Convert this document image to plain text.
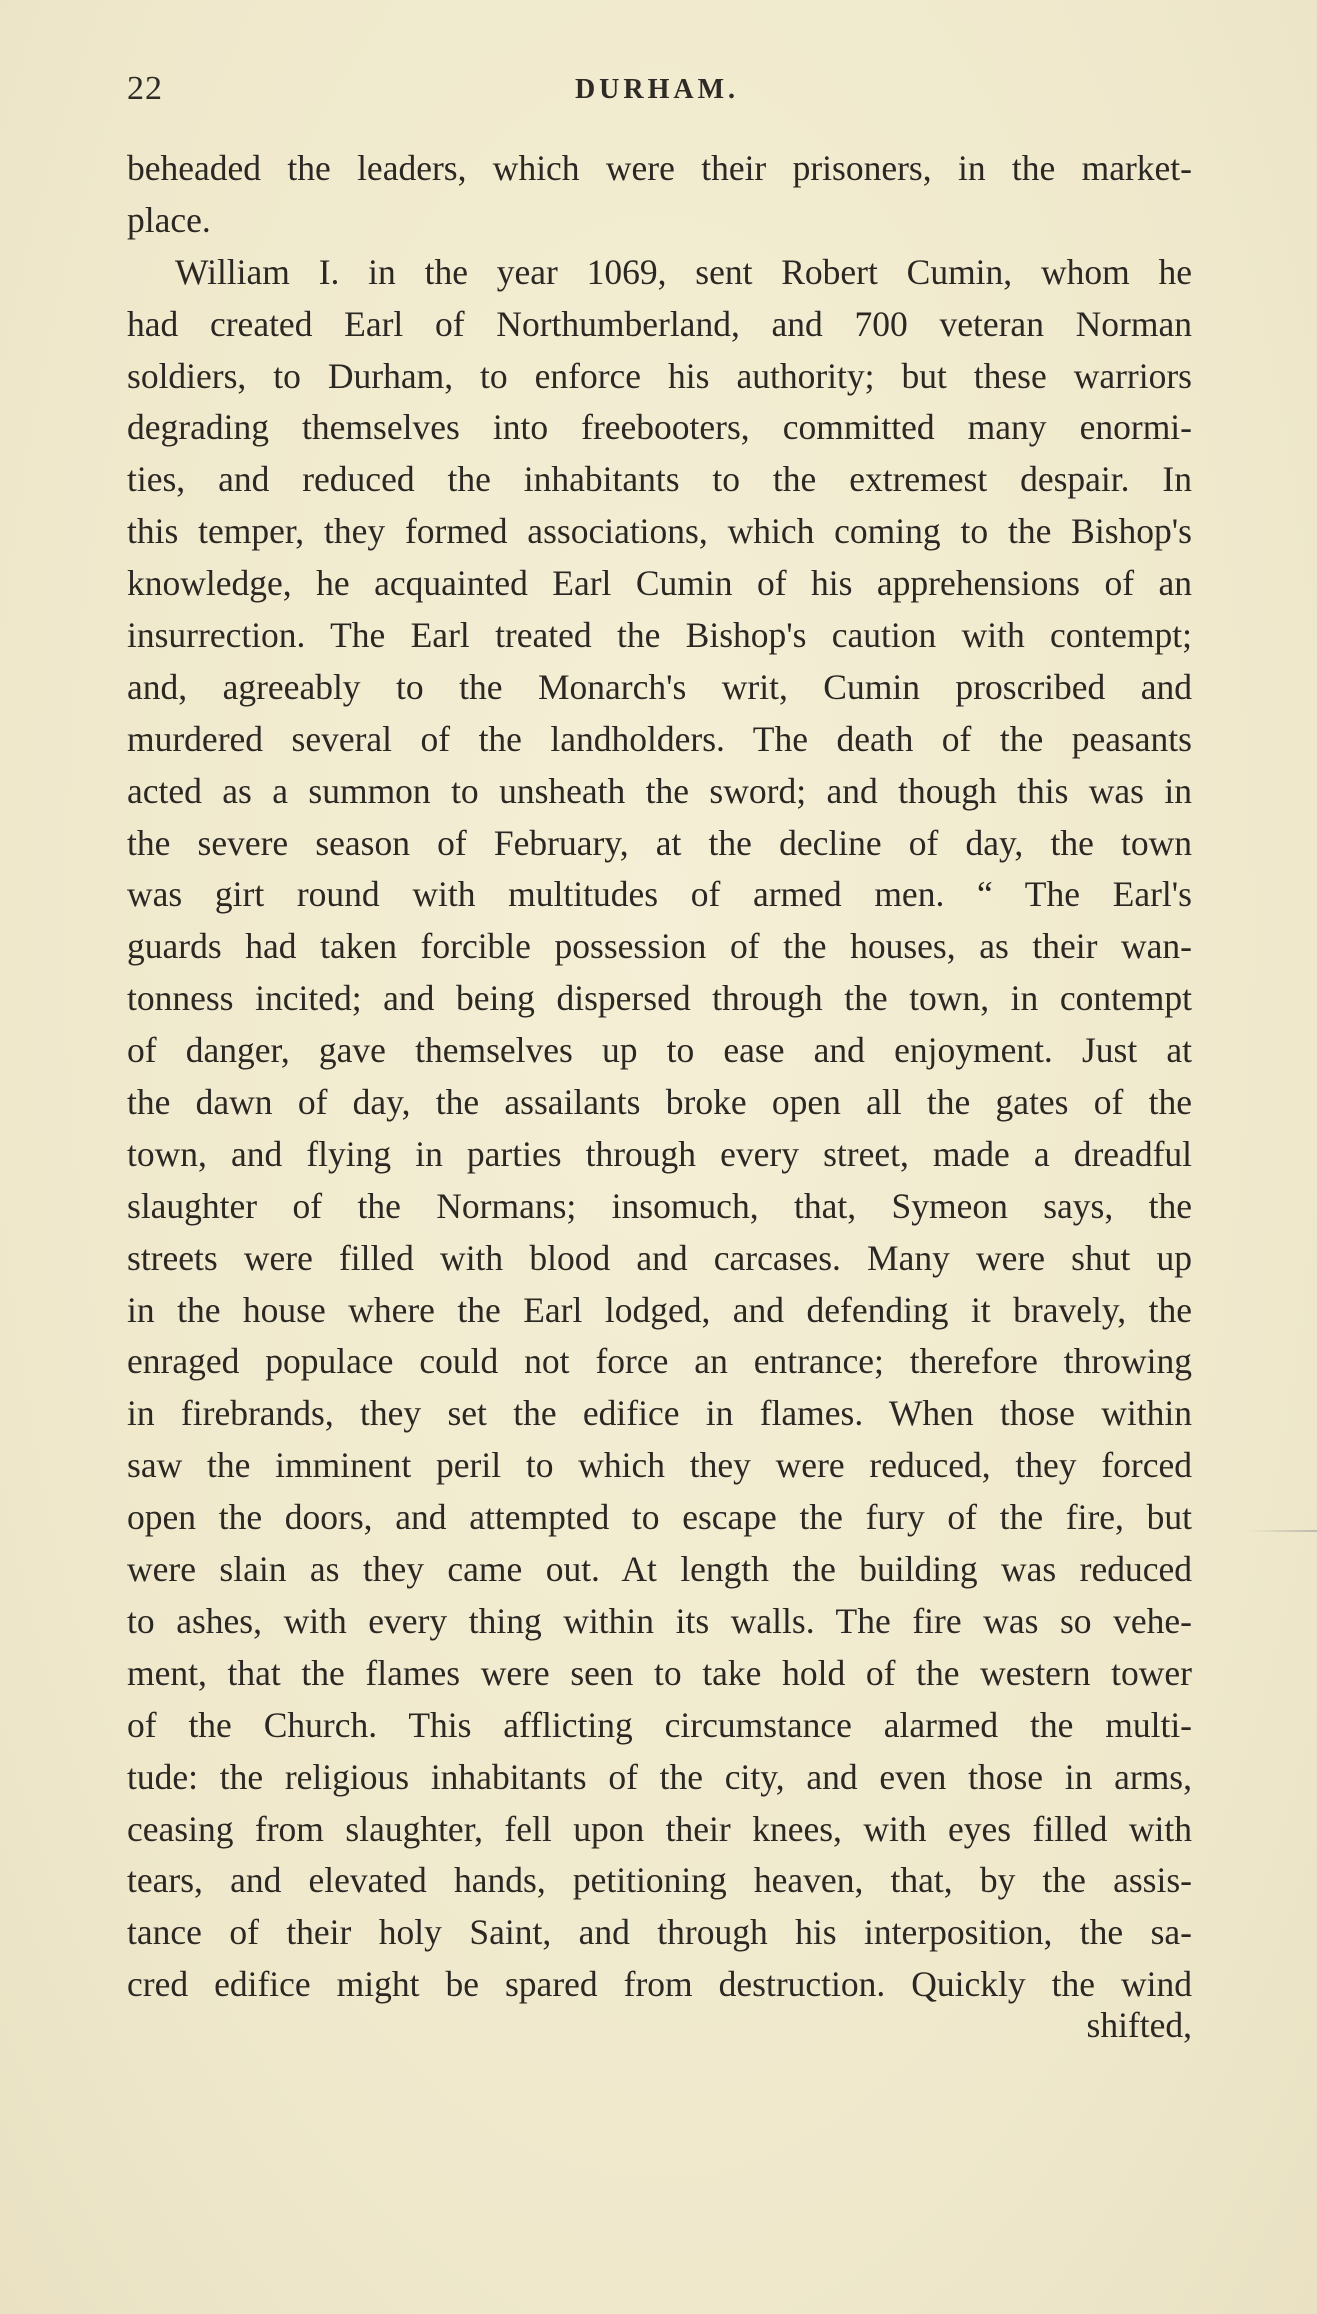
22	DURHAM.
beheaded the leaders, which were their prisoners, in the market-
place.
William I. in the year 1069, sent Robert Cumin, whom he
had created Earl of Northumberland, and 700 veteran Norman
soldiers, to Durham, to enforce his authority; but these warriors
degrading themselves into freebooters, committed many enormi-
ties, and reduced the inhabitants to the extremest despair. In
this temper, they formed associations, which coming to the Bishop's
knowledge, he acquainted Earl Cumin of his apprehensions of an
insurrection. The Earl treated the Bishop's caution with contempt;
and, agreeably to the Monarch's writ, Cumin proscribed and
murdered several of the landholders. The death of the peasants
acted as a summon to unsheath the sword; and though this was in
the severe season of February, at the decline of day, the town
was girt round with multitudes of armed men. “ The Earl's
guards had taken forcible possession of the houses, as their wan-
tonness incited; and being dispersed through the town, in contempt
of danger, gave themselves up to ease and enjoyment. Just at
the dawn of day, the assailants broke open all the gates of the
town, and flying in parties through every street, made a dreadful
slaughter of the Normans; insomuch, that, Symeon says, the
streets were filled with blood and carcases. Many were shut up
in the house where the Earl lodged, and defending it bravely, the
enraged populace could not force an entrance; therefore throwing
in firebrands, they set the edifice in flames. When those within
saw the imminent peril to which they were reduced, they forced
open the doors, and attempted to escape the fury of the fire, but
were slain as they came out. At length the building was reduced
to ashes, with every thing within its walls. The fire was so vehe-
ment, that the flames were seen to take hold of the western tower
of the Church. This afflicting circumstance alarmed the multi-
tude: the religious inhabitants of the city, and even those in arms,
ceasing from slaughter, fell upon their knees, with eyes filled with
tears, and elevated hands, petitioning heaven, that, by the assis-
tance of their holy Saint, and through his interposition, the sa-
cred edifice might be spared from destruction. Quickly the wind
shifted,
